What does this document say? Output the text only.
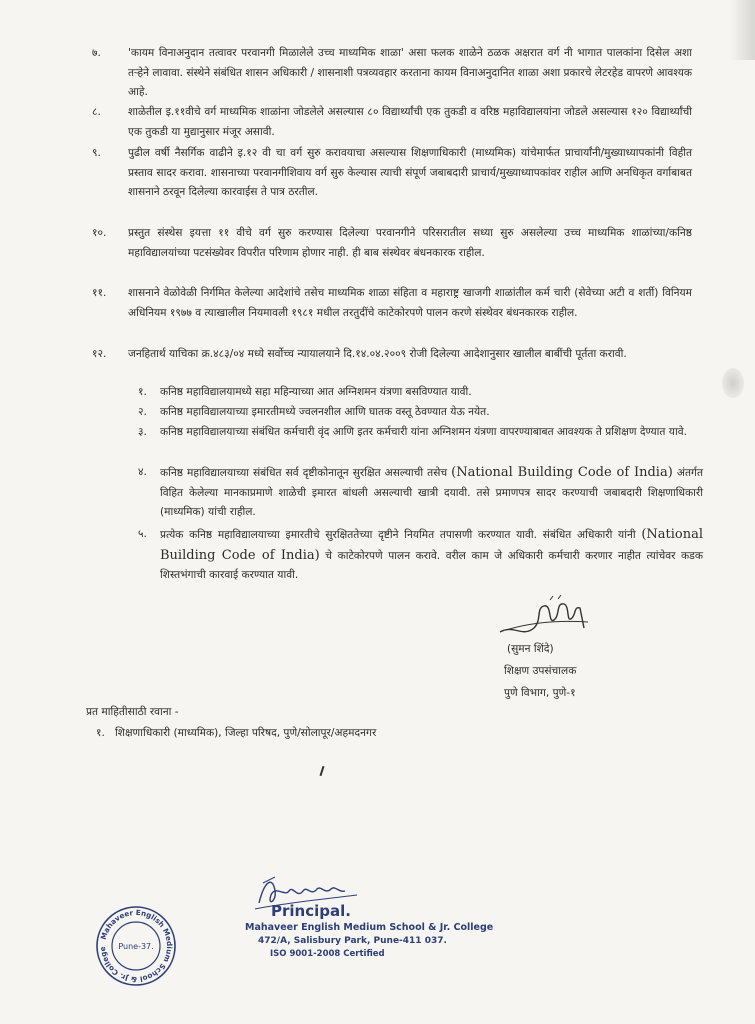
७.	'कायम विनाअनुदान तत्वावर परवानगी मिळालेले उच्च माध्यमिक शाळा' असा फलक शाळेने ठळक अक्षरात वर्ग नी भागात पालकांना दिसेल अशा तऱ्हेने लावावा. संस्थेने संबंधित शासन अधिकारी / शासनाशी पत्रव्यवहार करताना कायम विनाअनुदानित शाळा अशा प्रकारचे लेटरहेड वापरणे आवश्यक आहे.
८.	शाळेतील इ.११वीचे वर्ग माध्यमिक शाळांना जोडलेले असल्यास ८० विद्यार्थ्यांची एक तुकडी व वरिष्ठ महाविद्यालयांना जोडले असल्यास १२० विद्यार्थ्यांची एक तुकडी या मुद्यानुसार मंजूर असावी.
९.	पुढील वर्षी नैसर्गिक वाढीने इ.१२ वी चा वर्ग सुरु करावयाचा असल्यास शिक्षणाधिकारी (माध्यमिक) यांचेमार्फत प्राचार्यांनी/मुख्याध्यापकांनी विहीत प्रस्ताव सादर करावा. शासनाच्या परवानगीशिवाय वर्ग सुरु केल्यास त्याची संपूर्ण जबाबदारी प्राचार्य/मुख्याध्यापकांवर राहील आणि अनधिकृत वर्गाबाबत शासनाने ठरवून दिलेल्या कारवाईस ते पात्र ठरतील.
१०.	प्रस्तुत संस्थेस इयत्ता ११ वीचे वर्ग सुरु करण्यास दिलेल्या परवानगीने परिसरातील सध्या सुरु असलेल्या उच्च माध्यमिक शाळांच्या/कनिष्ठ महाविद्यालयांच्या पटसंख्येवर विपरीत परिणाम होणार नाही. ही बाब संस्थेवर बंधनकारक राहील.
११.	शासनाने वेळोवेळी निर्गमित केलेल्या आदेशांचे तसेच माध्यमिक शाळा संहिता व महाराष्ट्र खाजगी शाळांतील कर्म चारी (सेवेच्या अटी व शर्ती) विनियम अधिनियम १९७७ व त्याखालील नियमावली १९८१ मधील तरतुदींचे काटेकोरपणे पालन करणे संस्थेवर बंधनकारक राहील.
१२.	जनहितार्थ याचिका क्र.४८३/०४ मध्ये सर्वोच्च न्यायालयाने दि.१४.०४.२००९ रोजी दिलेल्या आदेशानुसार खालील बाबींची पूर्तता करावी.
१.	कनिष्ठ महाविद्यालयामध्ये सहा महिन्याच्या आत अग्निशमन यंत्रणा बसविण्यात यावी.
२.	कनिष्ठ महाविद्यालयाच्या इमारतीमध्ये ज्वलनशील आणि घातक वस्तू ठेवण्यात येऊ नयेत.
३.	कनिष्ठ महाविद्यालयाच्या संबंधित कर्मचारी वृंद आणि इतर कर्मचारी यांना अग्निशमन यंत्रणा वापरण्याबाबत आवश्यक ते प्रशिक्षण देण्यात यावे.
४.	कनिष्ठ महाविद्यालयाच्या संबंधित सर्व दृष्टीकोनातून सुरक्षित असल्याची तसेच (National Building Code of India) अंतर्गत विहित केलेल्या मानकाप्रमाणे शाळेची इमारत बांधली असल्याची खात्री दयावी. तसे प्रमाणपत्र सादर करण्याची जबाबदारी शिक्षणाधिकारी (माध्यमिक) यांची राहील.
५.	प्रत्येक कनिष्ठ महाविद्यालयाच्या इमारतीचे सुरक्षिततेच्या दृष्टीने नियमित तपासणी करण्यात यावी. संबंधित अधिकारी यांनी (National Building Code of India) चे काटेकोरपणे पालन करावे. वरील काम जे अधिकारी कर्मचारी करणार नाहीत त्यांचेवर कडक शिस्तभंगाची कारवाई करण्यात यावी.
(सुमन शिंदे)
शिक्षण उपसंचालक
पुणे विभाग, पुणे-१
प्रत माहितीसाठी रवाना -
१. शिक्षणाधिकारी (माध्यमिक), जिल्हा परिषद, पुणे/सोलापूर/अहमदनगर
Mahaveer English Medium School & Jr. College	Pune-37.
Principal.
Mahaveer English Medium School & Jr. College
472/A, Salisbury Park, Pune-411 037.
ISO 9001-2008 Certified
